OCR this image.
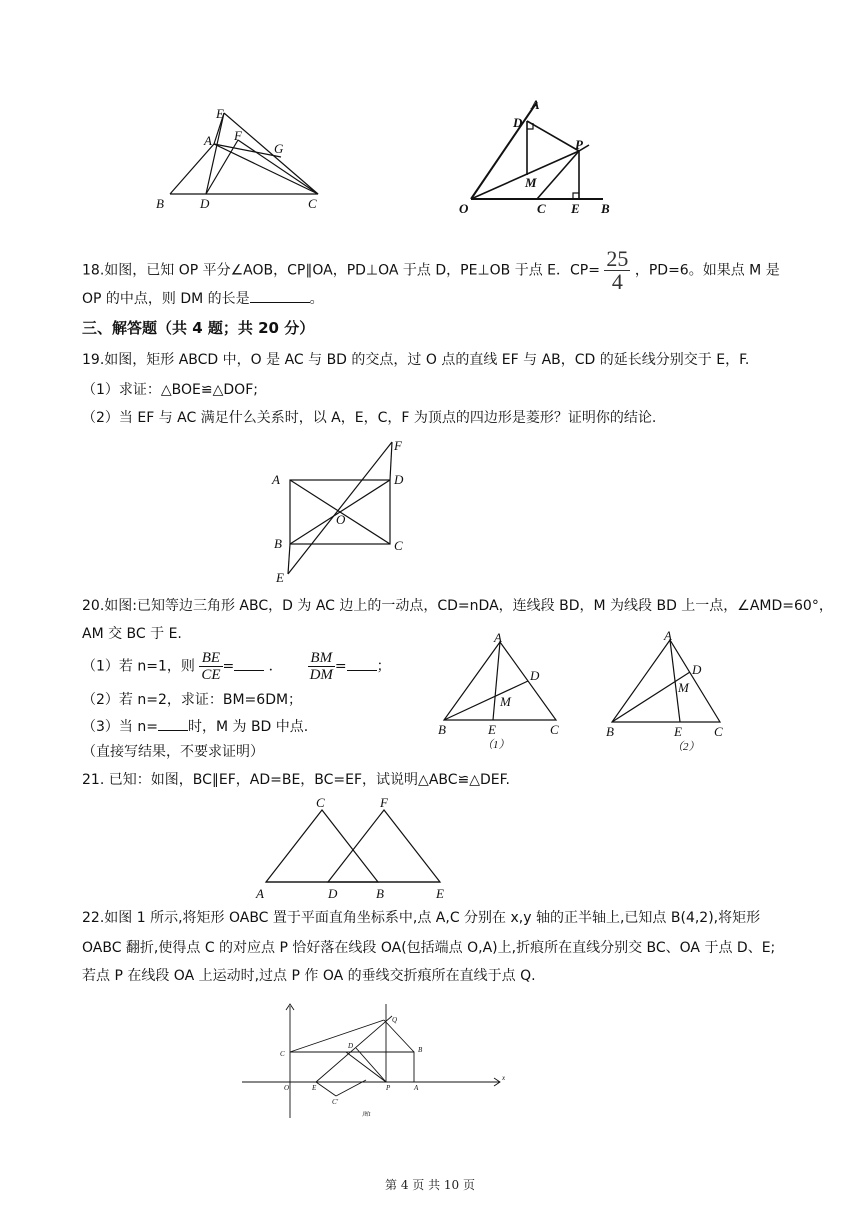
E
A F
G
B	D	C
A
D
P
M
O	C E B
18.如图，已知 OP 平分∠AOB，CP∥OA，PD⊥OA 于点 D，PE⊥OB 于点 E．$CP= \frac{25}{4}$ ，PD=6。如果点 M 是
OP 的中点，则 DM 的长是	。
三、解答题（共 4 题；共 20 分）
19.如图，矩形 ABCD 中，O 是 AC 与 BD 的交点，过 O 点的直线 EF 与 AB，CD 的延长线分别交于 E，F.
（1）求证：△BOE≌△DOF;
（2）当 EF 与 AC 满足什么关系时，以 A，E，C，F 为顶点的四边形是菱形？证明你的结论.
A	D
F
O
B	C
E
20.如图:已知等边三角形 ABC，D 为 AC 边上的一动点，CD=nDA，连线段 BD，M 为线段 BD 上一点，∠AMD=60°，
AM 交 BC 于 E.
（1）若 n=1，则 $\frac{BE}{CE}$ = ． $\frac{BM}{DM}$ = ；
（2）若 n=2，求证：BM=6DM；
（3）当 n= 时，M 为 BD 中点.
（直接写结果，不要求证明）
A
D
M
B	E	C
（1）
A
D
M
B	E C
（2）
21. 已知：如图，BC∥EF，AD=BE，BC=EF，试说明△ABC≌△DEF.
C	F
A	D	B	E
22.如图 1 所示,将矩形 OABC 置于平面直角坐标系中,点 A,C 分别在 x,y 轴的正半轴上,已知点 B(4,2),将矩形
OABC 翻折,使得点 C 的对应点 P 恰好落在线段 OA(包括端点 O,A)上,折痕所在直线分别交 BC、OA 于点 D、E;
若点 P 在线段 OA 上运动时,过点 P 作 OA 的垂线交折痕所在直线于点 Q.
Q
C
D	B
O	E	P	A
x
C'
图1
第 4 页 共 10 页
